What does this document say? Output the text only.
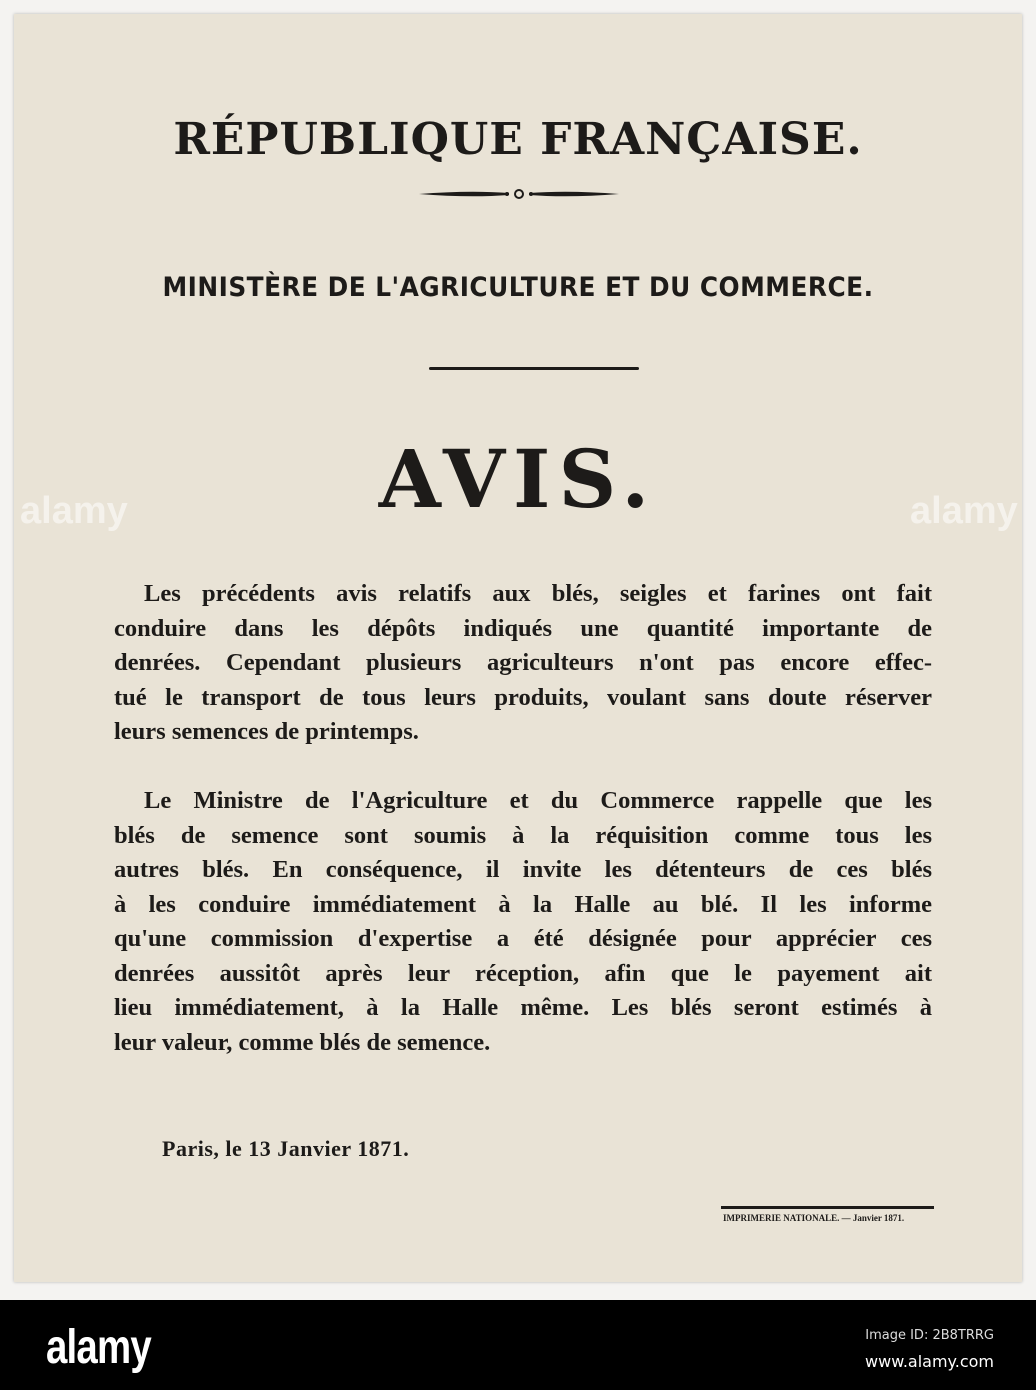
RÉPUBLIQUE FRANÇAISE.
MINISTÈRE DE L'AGRICULTURE ET DU COMMERCE.
AVIS.
Les précédents avis relatifs aux blés, seigles et farines ont fait
conduire dans les dépôts indiqués une quantité importante de
denrées. Cependant plusieurs agriculteurs n'ont pas encore effec-
tué le transport de tous leurs produits, voulant sans doute réserver
leurs semences de printemps.
Le Ministre de l'Agriculture et du Commerce rappelle que les
blés de semence sont soumis à la réquisition comme tous les
autres blés. En conséquence, il invite les détenteurs de ces blés
à les conduire immédiatement à la Halle au blé. Il les informe
qu'une commission d'expertise a été désignée pour apprécier ces
denrées aussitôt après leur réception, afin que le payement ait
lieu immédiatement, à la Halle même. Les blés seront estimés à
leur valeur, comme blés de semence.
Paris, le 13 Janvier 1871.
IMPRIMERIE NATIONALE. — Janvier 1871.
alamy	alamy
alamy	Image ID: 2B8TRRG
www.alamy.com
